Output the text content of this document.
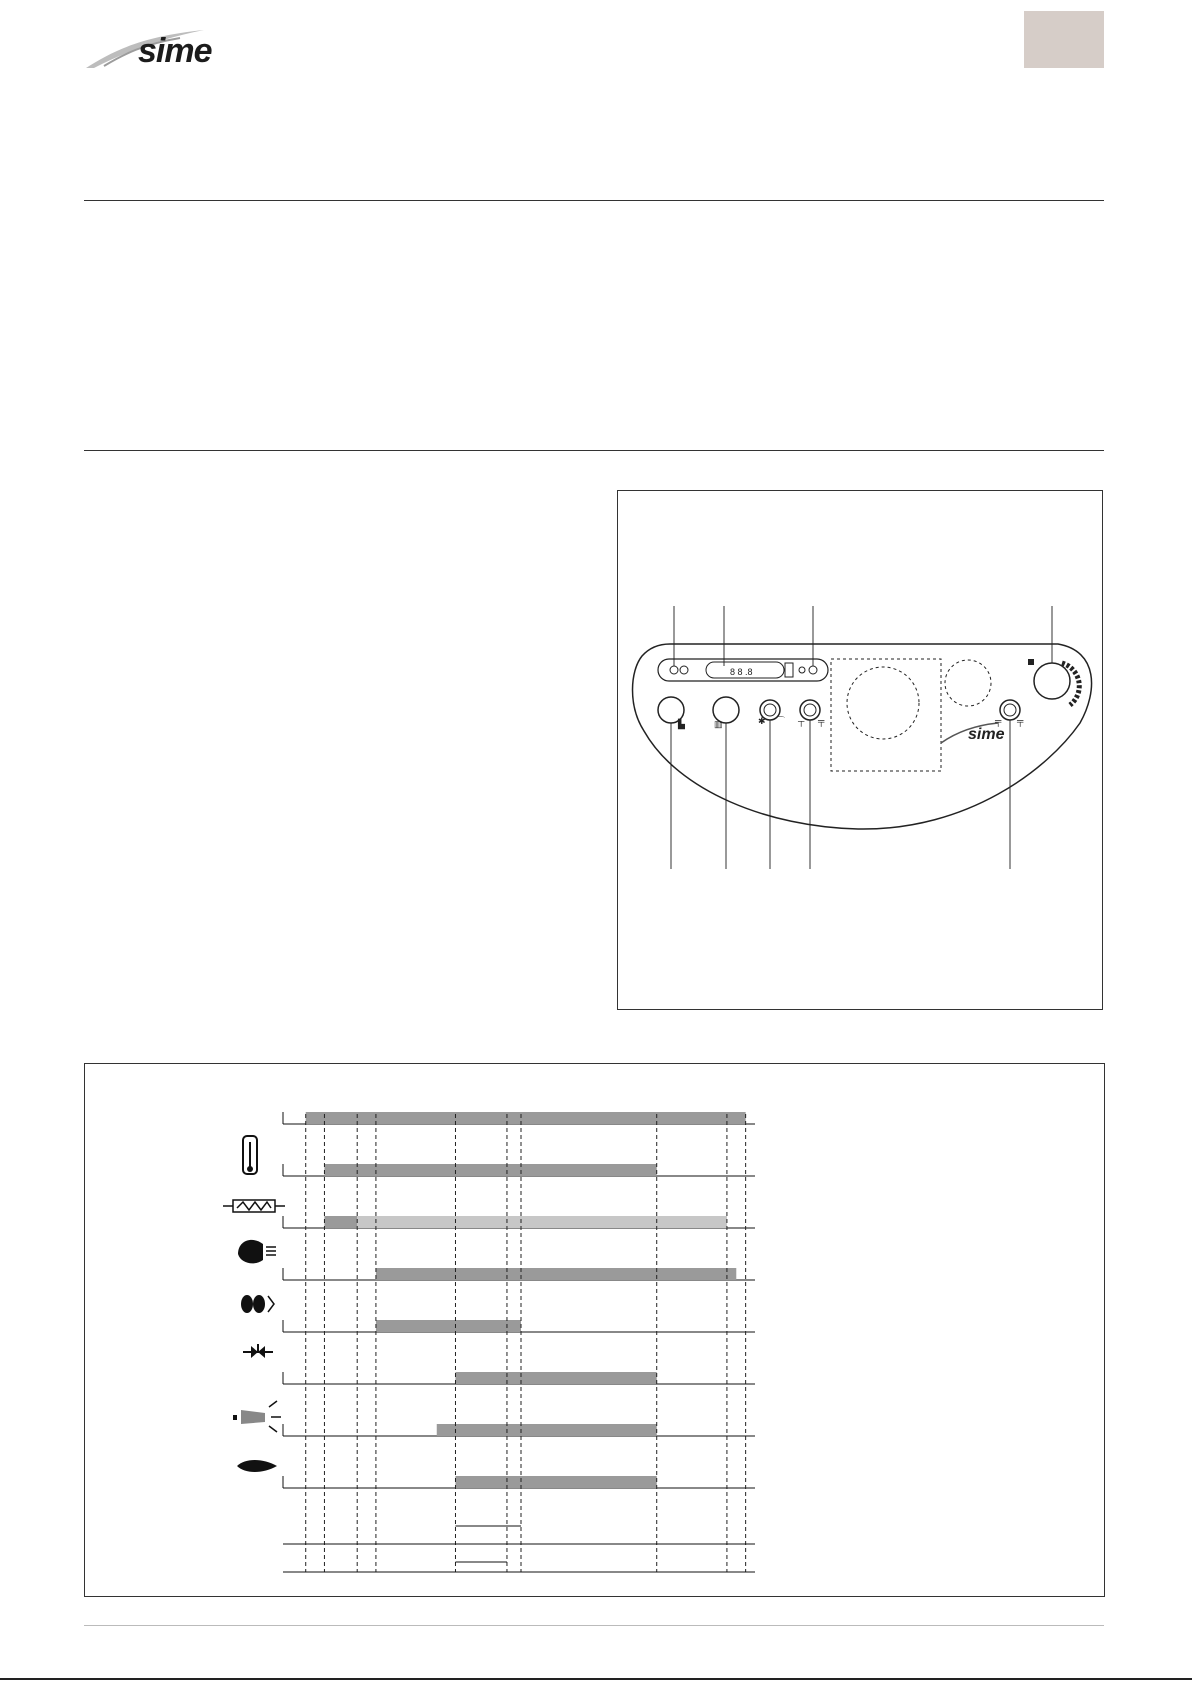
sime
8 8 .8
▙	▥	✱ ⌒ ┬ ╤	╤ ╤
sime
